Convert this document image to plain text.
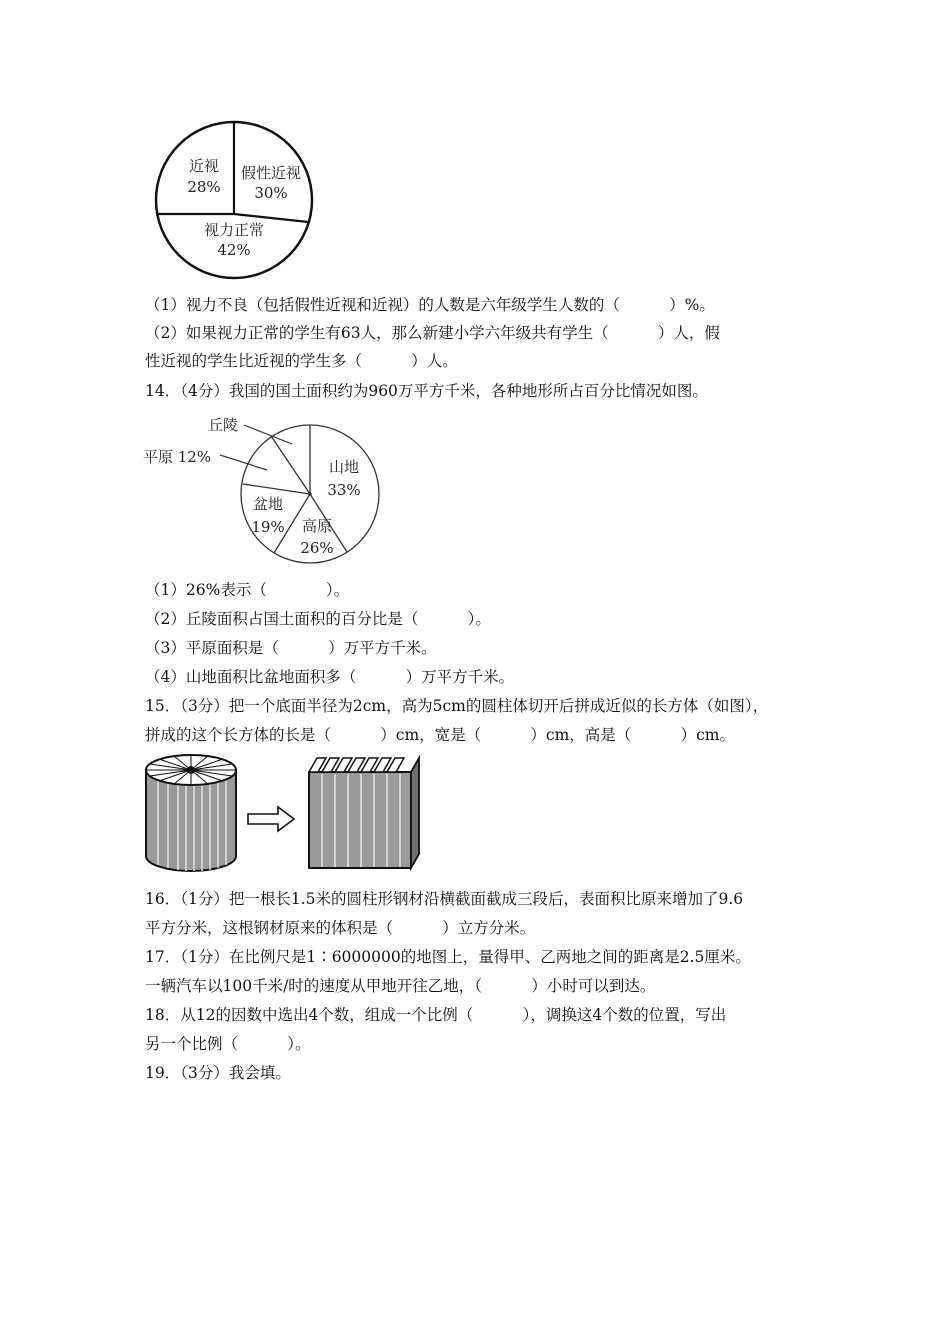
近视
28%
假性近视
30%
视力正常
42%
（1）视力不良（包括假性近视和近视）的人数是六年级学生人数的（          ）%。
（2）如果视力正常的学生有63人，那么新建小学六年级共有学生（          ）人，假
性近视的学生比近视的学生多（          ）人。
14．（4分）我国的国土面积约为960万平方千米，各种地形所占百分比情况如图。
丘陵
平原 12%
山地
33%
高原
26%
盆地
19%
（1）26%表示（            ）。
（2）丘陵面积占国土面积的百分比是（          ）。
（3）平原面积是（          ）万平方千米。
（4）山地面积比盆地面积多（          ）万平方千米。
15．（3分）把一个底面半径为2cm，高为5cm的圆柱体切开后拼成近似的长方体（如图），
拼成的这个长方体的长是（          ）cm，宽是（          ）cm，高是（          ）cm。
16．（1分）把一根长1.5米的圆柱形钢材沿横截面截成三段后，表面积比原来增加了9.6
平方分米，这根钢材原来的体积是（          ）立方分米。
17．（1分）在比例尺是1∶6000000的地图上，量得甲、乙两地之间的距离是2.5厘米。
一辆汽车以100千米/时的速度从甲地开往乙地，（          ）小时可以到达。
18．从12的因数中选出4个数，组成一个比例（          ），调换这4个数的位置，写出
另一个比例（          ）。
19．（3分）我会填。
